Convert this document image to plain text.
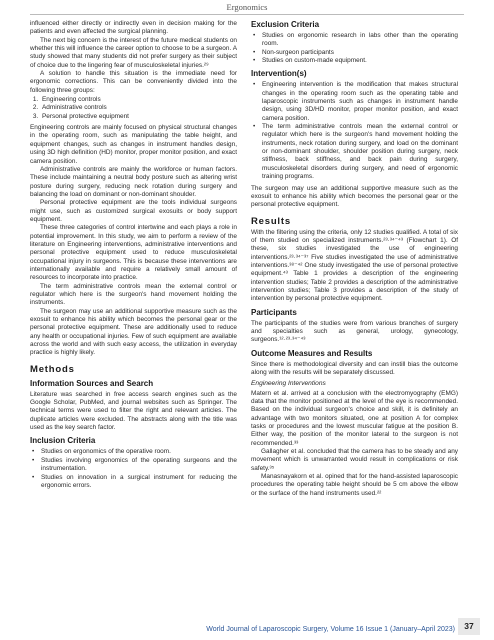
Ergonomics

influenced either directly or indirectly even in decision making for the patients and even affected the surgical planning.

The next big concern is the interest of the future medical students on whether this will influence the career option to choose to be a surgeon. A study showed that many students did not prefer surgery as their subject of choice due to the lingering fear of musculoskeletal injuries.²⁹

A solution to handle this situation is the immediate need for ergonomic corrections. This can be conveniently divided into the following three groups:

1. Engineering controls
2. Administrative controls
3. Personal protective equipment

Engineering controls are mainly focused on physical structural changes in the operating room, such as manipulating the table height, and equipment changes, such as changes in instrument handles design, using 3D high definition (HD) monitor, proper monitor position, and exact camera position.

Administrative controls are mainly the workforce or human factors. These include maintaining a neutral body posture such as altering wrist posture during surgery, reducing neck rotation during surgery and balancing the load on dominant or non-dominant shoulder.

Personal protective equipment are the tools individual surgeons might use, such as customized surgical exosuits or body support equipment.

These three categories of control intertwine and each plays a role in potential improvement. In this study, we aim to perform a review of the literature on Engineering interventions, administrative interventions and personal protective equipment used to reduce musculoskeletal occupational injury in surgeons. This is because these interventions are internationally available and require a relatively small amount of resources to incorporate into practice.

The term administrative controls mean the external control or regulator which here is the surgeon's hand movement holding the instruments.

The surgeon may use an additional supportive measure such as the exosuit to enhance his ability which becomes the personal gear or the personal protective equipment. These are additionally used to reduce any health or occupational injuries. Few of such equipment are available across the world and with such easy access, the utilization in everyday practice is highly likely.

Methods
Information Sources and Search

Literature was searched in free access search engines such as the Google Scholar, PubMed, and journal websites such as Springer. The technical terms were used to filter the right and relevant articles. The duplicate articles were excluded. The abstracts along with the title was used as the key search factor.

Inclusion Criteria
• Studies on ergonomics of the operative room.
• Studies involving ergonomics of the operating surgeons and the instrumentation.
• Studies on innovation in a surgical instrument for reducing the ergonomic errors.
Exclusion Criteria
• Studies on ergonomic research in labs other than the operating room.
• Non-surgeon participants
• Studies on custom-made equipment.
Intervention(s)
• Engineering intervention is the modification that makes structural changes in the operating room such as the operating table and laparoscopic instruments such as changes in instrument handle design, using 3D/HD monitor, proper monitor position, and exact camera position.
• The term administrative controls mean the external control or regulator which here is the surgeon's hand movement holding the instruments, neck rotation during surgery, and load on the dominant or non-dominant shoulder, shoulder position during surgery, neck stiffness, back stiffness, and back pain during surgery, musculoskeletal disorders during surgery, and need of ergonomic training programs.

The surgeon may use an additional supportive measure such as the exosuit to enhance his ability which becomes the personal gear or the personal protective equipment.

Results

With the filtering using the criteria, only 12 studies qualified. A total of six of them studied on specialized instruments.²³·³⁴⁻⁴³ (Flowchart 1). Of these, six studies investigated the use of engineering interventions.²³·³⁴⁻³⁷ Five studies investigated the use of administrative interventions.³⁸⁻⁴² One study investigated the use of personal protective equipment.⁴³ Table 1 provides a description of the engineering intervention studies; Table 2 provides a description of the administrative intervention studies; Table 3 provides a description of the study of intervention by personal protective equipment.

Participants

The participants of the studies were from various branches of surgery and specialties such as general, urology, gynecology, surgeons.¹²·²³·³⁴⁻⁴³

Outcome Measures and Results

Since there is methodological diversity and can instill bias the outcome along with the results will be separately discussed.

Engineering Interventions

Matern et al. arrived at a conclusion with the electromyography (EMG) data that the monitor positioned at the level of the eye is recommended. Based on the individual surgeon's choice and skill, it is definitely an advantage with two monitors situated, one at position A for complex tasks or procedures and the lowest muscular fatigue at the position B. Either way, the position of the monitor lateral to the surgeon is not recommended.³³

Gallagher et al. concluded that the camera has to be steady and any movement which is unwarranted would result in complications or risk safety.³⁵

Manasnayakorn et al. opined that for the hand-assisted laparoscopic procedures the operating table height should be 5 cm above the elbow or the surface of the hand instruments used.²²

World Journal of Laparoscopic Surgery, Volume 16 Issue 1 (January–April 2023)	37
